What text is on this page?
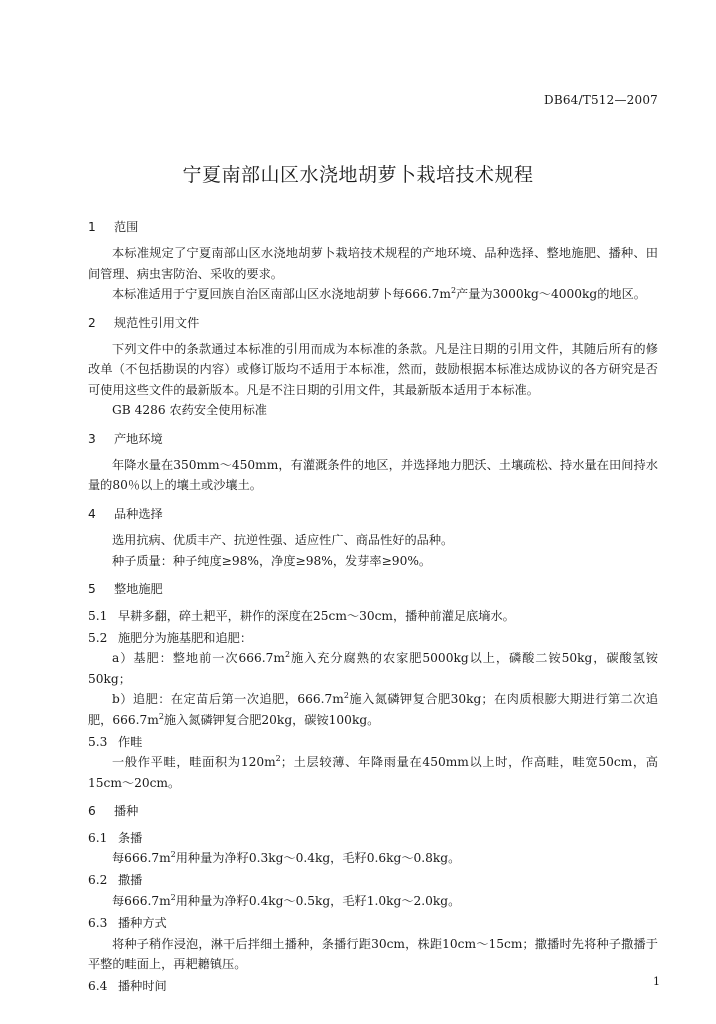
DB64/T512—2007
宁夏南部山区水浇地胡萝卜栽培技术规程
1 范围
本标准规定了宁夏南部山区水浇地胡萝卜栽培技术规程的产地环境、品种选择、整地施肥、播种、田间管理、病虫害防治、采收的要求。
本标准适用于宁夏回族自治区南部山区水浇地胡萝卜每$666.7m^2$产量为3000kg～4000kg的地区。
2 规范性引用文件
下列文件中的条款通过本标准的引用而成为本标准的条款。凡是注日期的引用文件，其随后所有的修改单（不包括勘误的内容）或修订版均不适用于本标准，然而，鼓励根据本标准达成协议的各方研究是否可使用这些文件的最新版本。凡是不注日期的引用文件，其最新版本适用于本标准。
GB 4286 农药安全使用标准
3 产地环境
年降水量在350mm～450mm，有灌溉条件的地区，并选择地力肥沃、土壤疏松、持水量在田间持水量的80％以上的壤土或沙壤土。
4 品种选择
选用抗病、优质丰产、抗逆性强、适应性广、商品性好的品种。
种子质量：种子纯度≥98%，净度≥98%，发芽率≥90%。
5 整地施肥
5.1 早耕多翻，碎土耙平，耕作的深度在25cm～30cm，播种前灌足底墒水。
5.2 施肥分为施基肥和追肥：
a）基肥：整地前一次$666.7m^2$施入充分腐熟的农家肥5000kg以上，磷酸二铵50kg，碳酸氢铵50kg；
b）追肥：在定苗后第一次追肥，$666.7m^2$施入氮磷钾复合肥30kg；在肉质根膨大期进行第二次追肥，$666.7m^2$施入氮磷钾复合肥20kg，碳铵100kg。
5.3 作畦
一般作平畦，畦面积为$120m^2$；土层较薄、年降雨量在450mm以上时，作高畦，畦宽50cm，高15cm～20cm。
6 播种
6.1 条播
每$666.7m^2$用种量为净籽0.3kg～0.4kg，毛籽0.6kg～0.8kg。
6.2 撒播
每$666.7m^2$用种量为净籽0.4kg～0.5kg，毛籽1.0kg～2.0kg。
6.3 播种方式
将种子稍作浸泡，淋干后拌细土播种，条播行距30cm，株距10cm～15cm；撒播时先将种子撒播于平整的畦面上，再耙耱镇压。
6.4 播种时间	1
